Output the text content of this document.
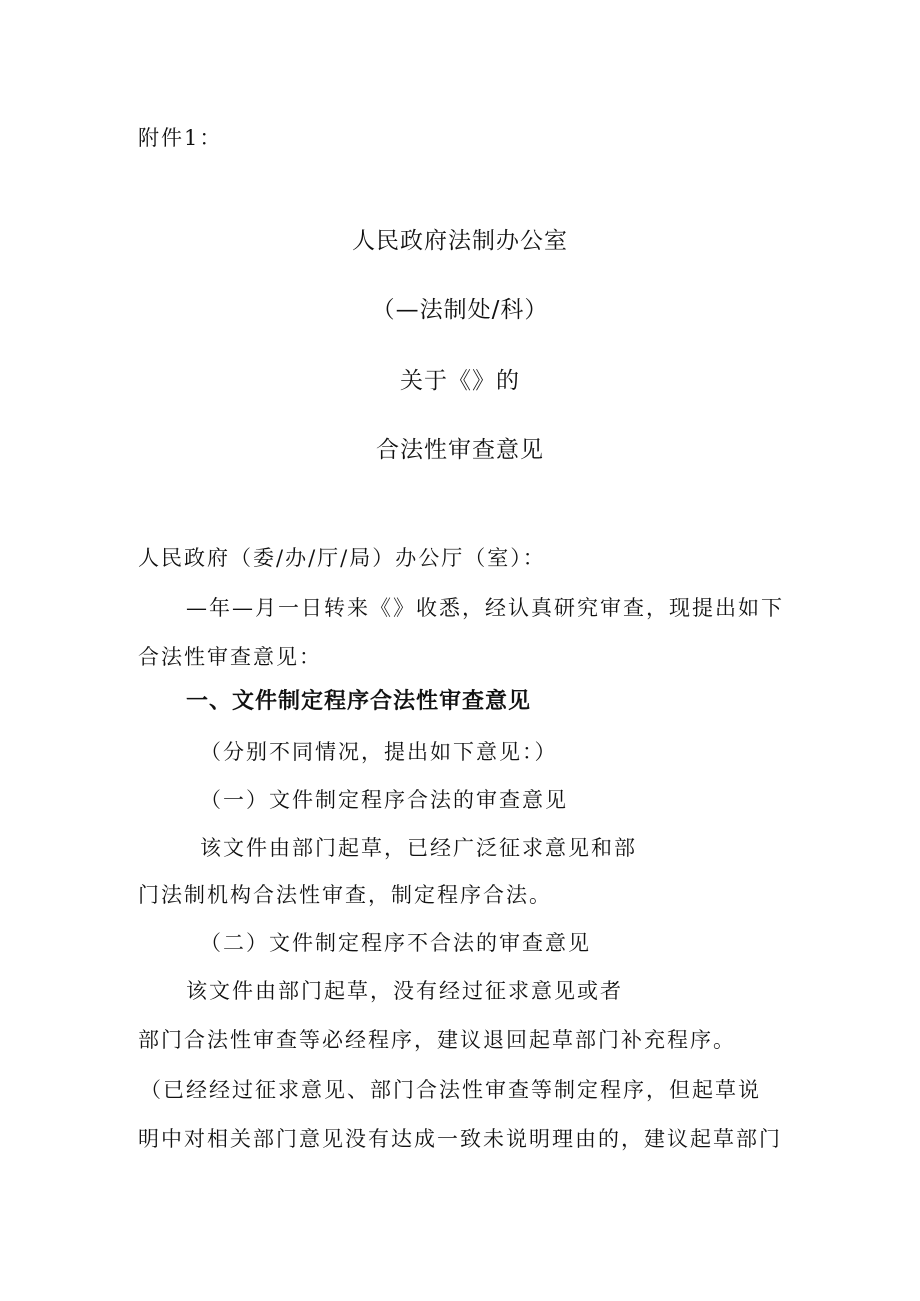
附件1：
人民政府法制办公室
（—法制处/科）
关于《》的
合法性审查意见
人民政府（委/办/厅/局）办公厅（室）：
—年—月一日转来《》收悉，经认真研究审查，现提出如下
合法性审查意见：
一、文件制定程序合法性审查意见
（分别不同情况，提出如下意见：）
（一）文件制定程序合法的审查意见
该文件由部门起草，已经广泛征求意见和部
门法制机构合法性审查，制定程序合法。
（二）文件制定程序不合法的审查意见
该文件由部门起草，没有经过征求意见或者
部门合法性审查等必经程序，建议退回起草部门补充程序。
（已经经过征求意见、部门合法性审查等制定程序，但起草说
明中对相关部门意见没有达成一致未说明理由的，建议起草部门
